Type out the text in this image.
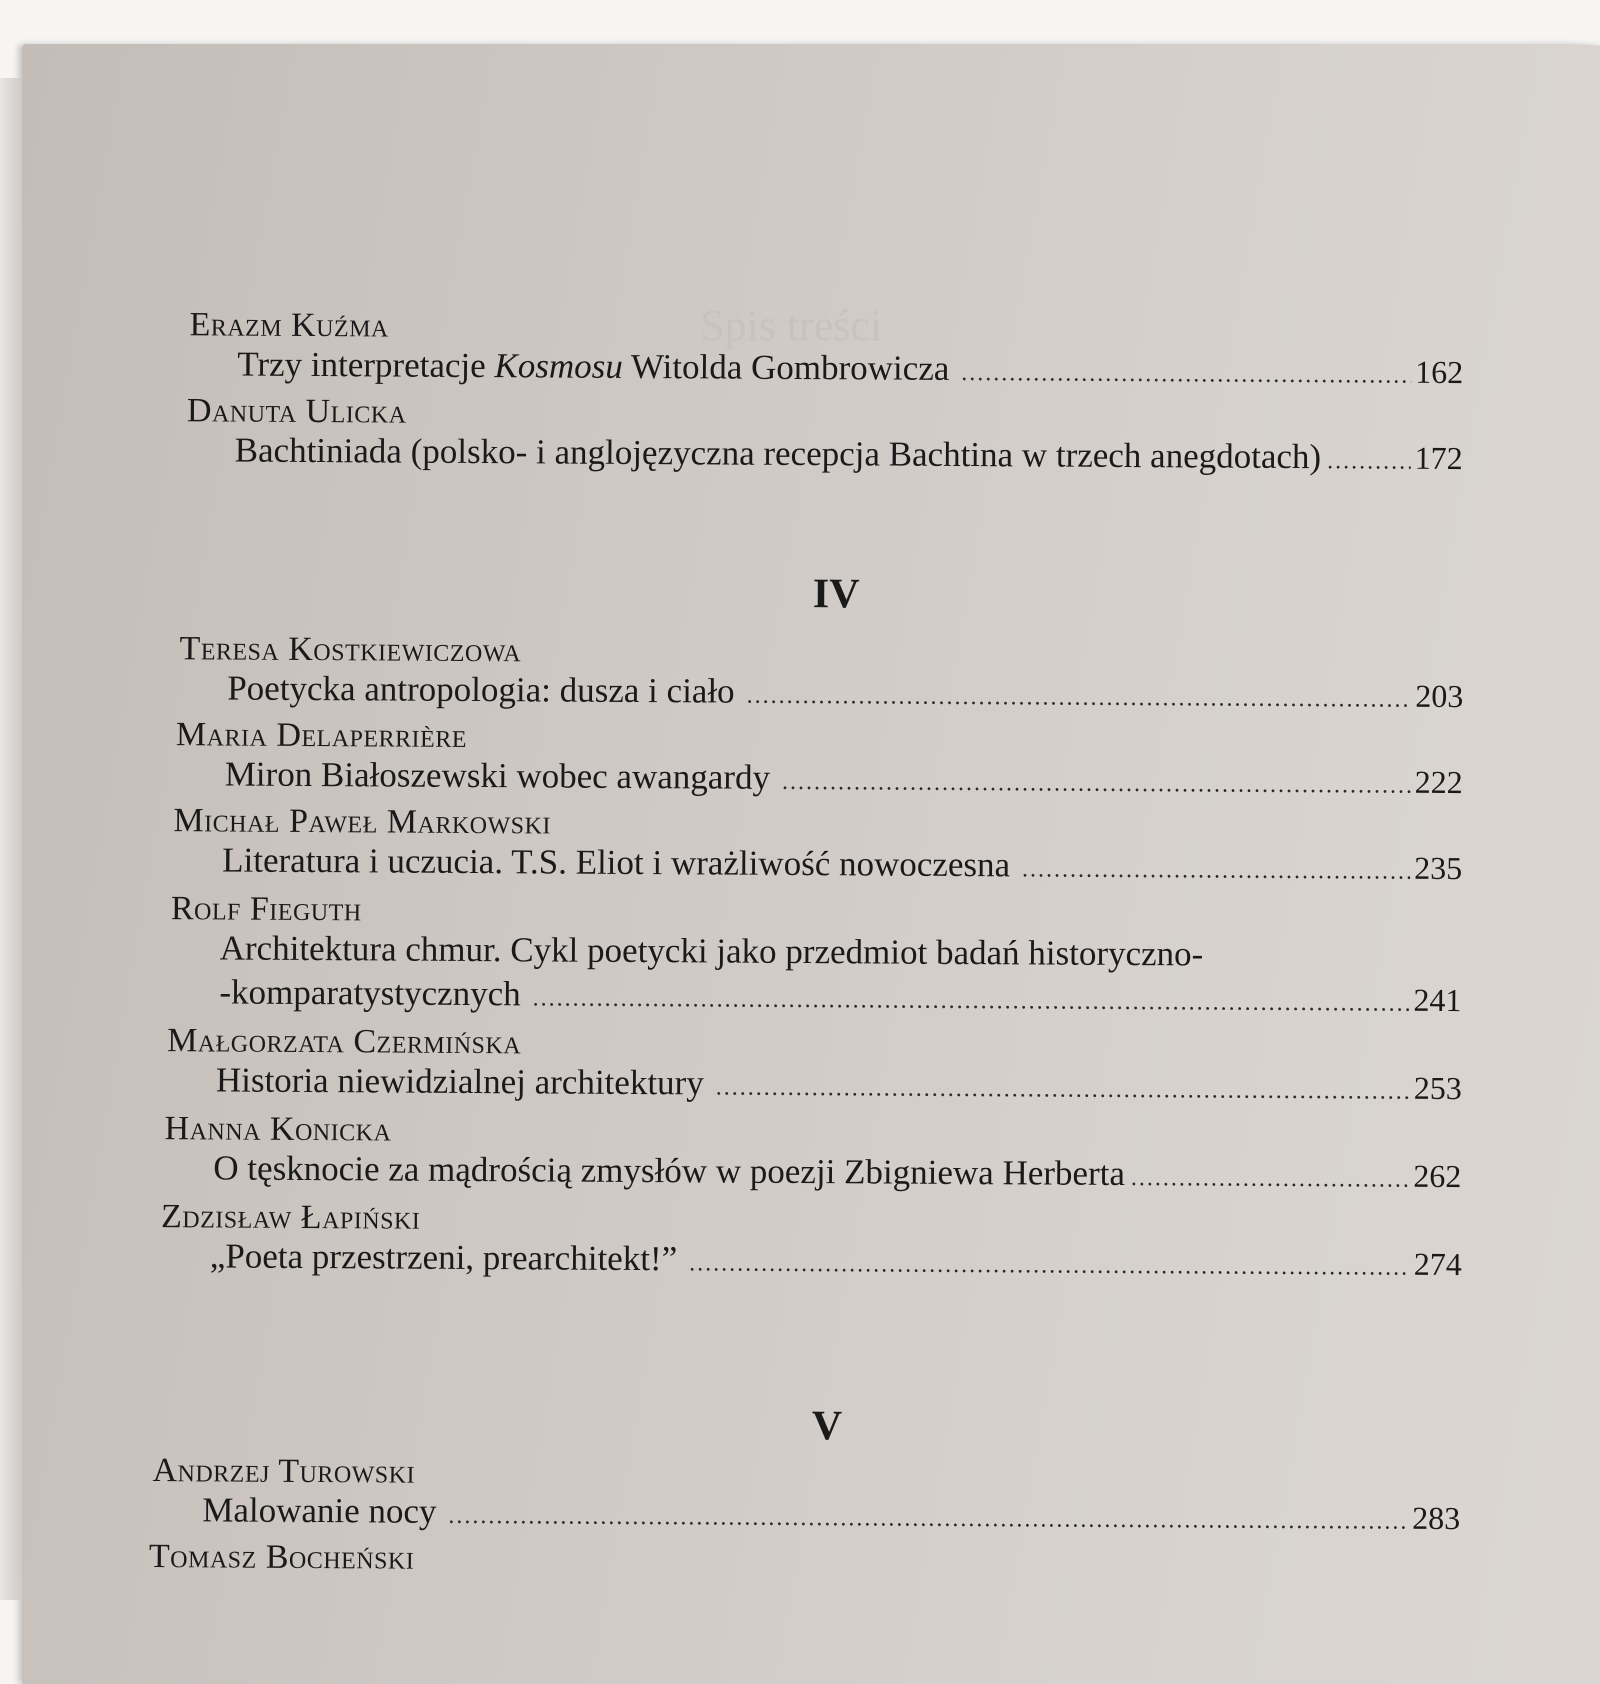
Spis treści
Erazm Kuźma
Trzy interpretacje Kosmosu Witolda Gombrowicza .....	162
Danuta Ulicka
Bachtiniada (polsko- i anglojęzyczna recepcja Bachtina w trzech anegdotach) .....	172
IV
Teresa Kostkiewiczowa
Poetycka antropologia: dusza i ciało .....	203
Maria Delaperrière
Miron Białoszewski wobec awangardy .....	222
Michał Paweł Markowski
Literatura i uczucia. T.S. Eliot i wrażliwość nowoczesna .....	235
Rolf Fieguth
Architektura chmur. Cykl poetycki jako przedmiot badań historyczno-
-komparatystycznych .....	241
Małgorzata Czermińska
Historia niewidzialnej architektury .....	253
Hanna Konicka
O tęsknocie za mądrością zmysłów w poezji Zbigniewa Herberta .....	262
Zdzisław Łapiński
„Poeta przestrzeni, prearchitekt!” .....	274
V
Andrzej Turowski
Malowanie nocy .....	283
Tomasz Bocheński
